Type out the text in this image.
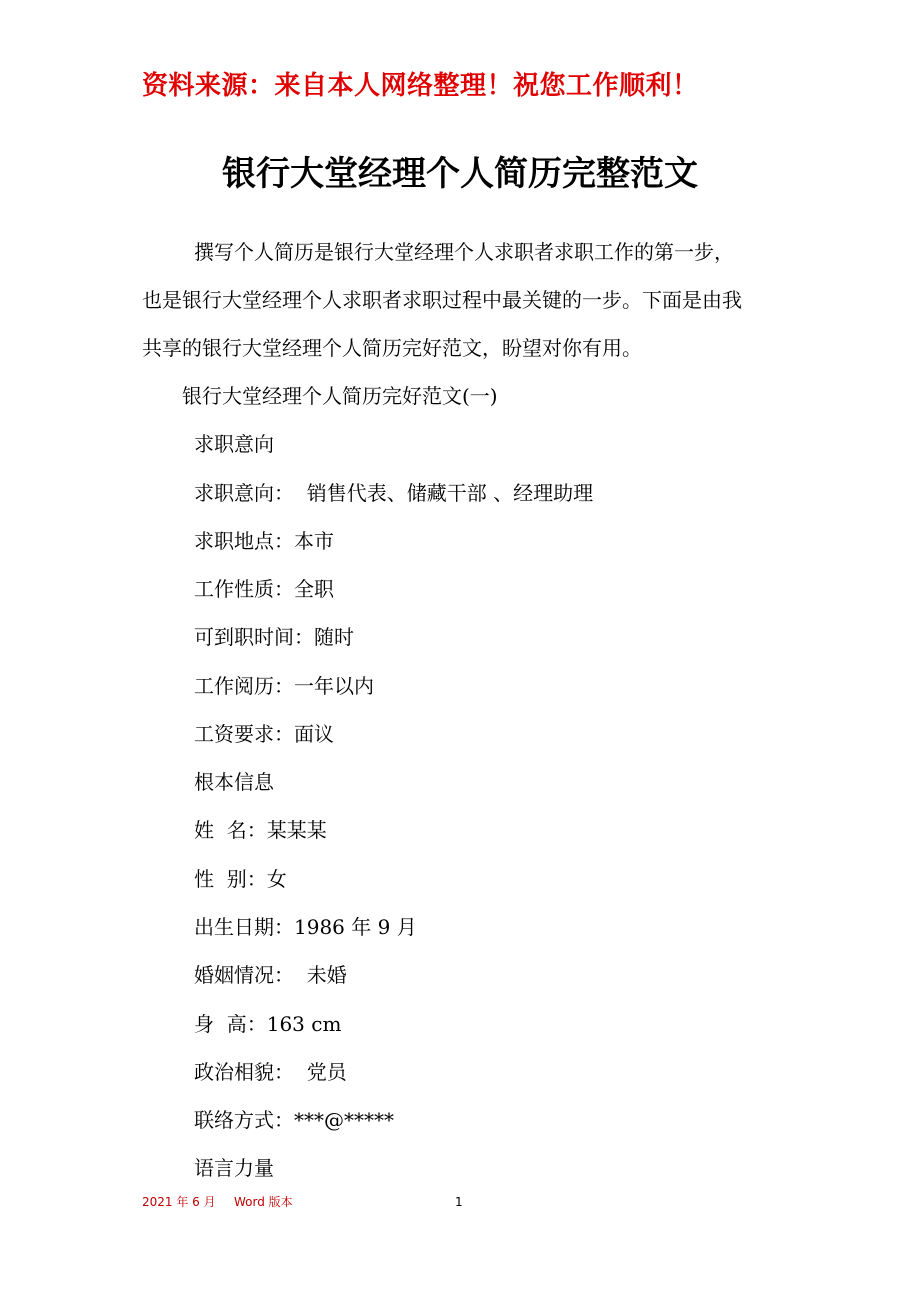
资料来源：来自本人网络整理！祝您工作顺利！
银行大堂经理个人简历完整范文
撰写个人简历是银行大堂经理个人求职者求职工作的第一步，
也是银行大堂经理个人求职者求职过程中最关键的一步。下面是由我
共享的银行大堂经理个人简历完好范文，盼望对你有用。
银行大堂经理个人简历完好范文(一)
求职意向
求职意向：  销售代表、储藏干部 、经理助理
求职地点：本市
工作性质：全职
可到职时间：随时
工作阅历：一年以内
工资要求：面议
根本信息
姓  名：某某某
性  别：女
出生日期：1986 年 9 月
婚姻情况：  未婚
身  高：163 cm
政治相貌：  党员
联络方式：***@*****
语言力量
2021 年 6 月 Word 版本	1
